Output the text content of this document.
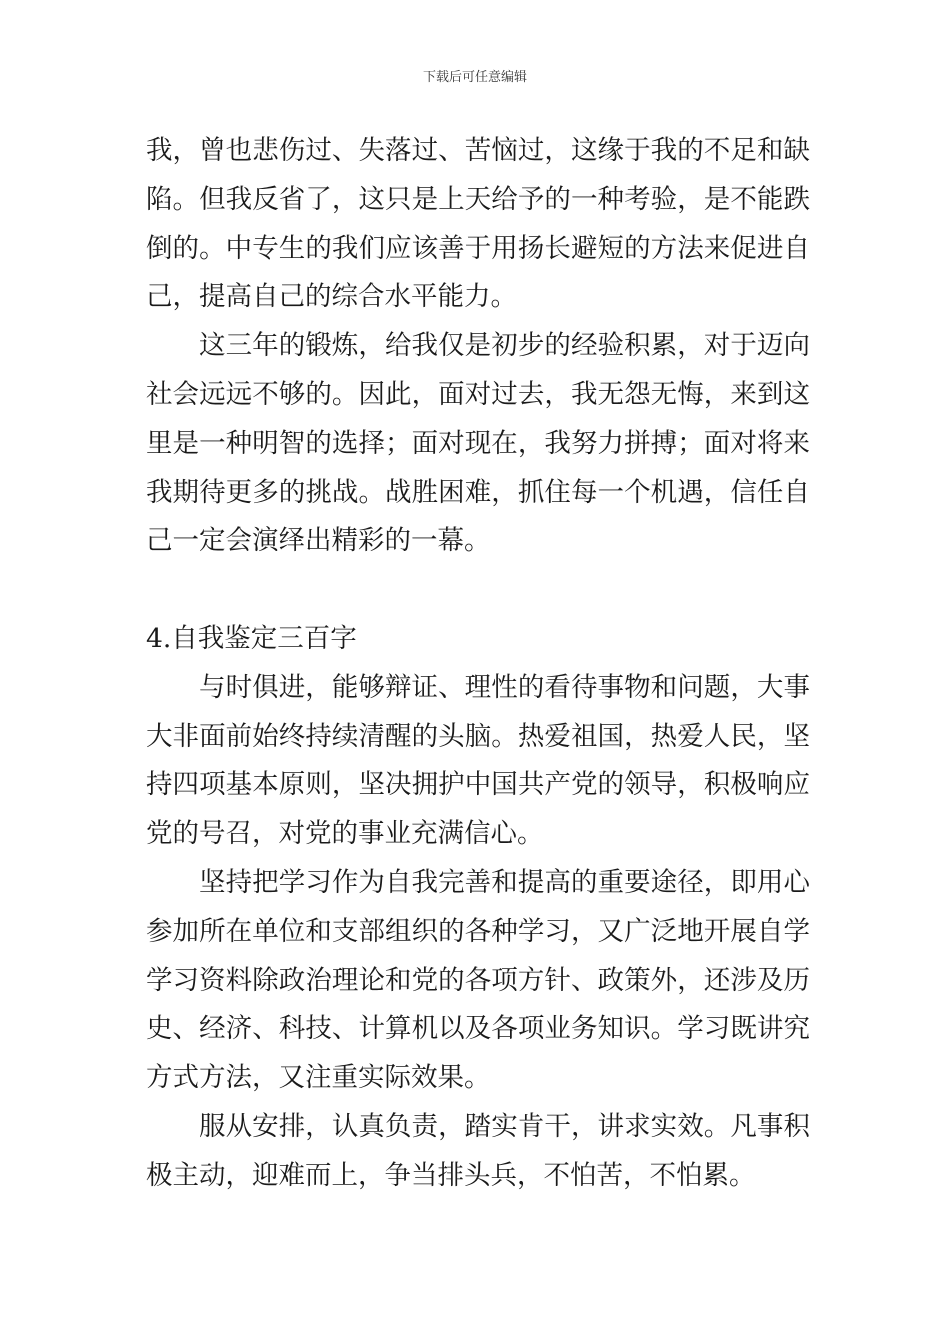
下载后可任意编辑

我，曾也悲伤过、失落过、苦恼过，这缘于我的不足和缺陷。但我反省了，这只是上天给予的一种考验，是不能跌倒的。中专生的我们应该善于用扬长避短的方法来促进自己，提高自己的综合水平能力。

这三年的锻炼，给我仅是初步的经验积累，对于迈向社会远远不够的。因此，面对过去，我无怨无悔，来到这里是一种明智的选择；面对现在，我努力拼搏；面对将来我期待更多的挑战。战胜困难，抓住每一个机遇，信任自己一定会演绎出精彩的一幕。

4.自我鉴定三百字

与时俱进，能够辩证、理性的看待事物和问题，大事大非面前始终持续清醒的头脑。热爱祖国，热爱人民，坚持四项基本原则，坚决拥护中国共产党的领导，积极响应党的号召，对党的事业充满信心。

坚持把学习作为自我完善和提高的重要途径，即用心参加所在单位和支部组织的各种学习，又广泛地开展自学学习资料除政治理论和党的各项方针、政策外，还涉及历史、经济、科技、计算机以及各项业务知识。学习既讲究方式方法，又注重实际效果。

服从安排，认真负责，踏实肯干，讲求实效。凡事积极主动，迎难而上，争当排头兵，不怕苦，不怕累。
